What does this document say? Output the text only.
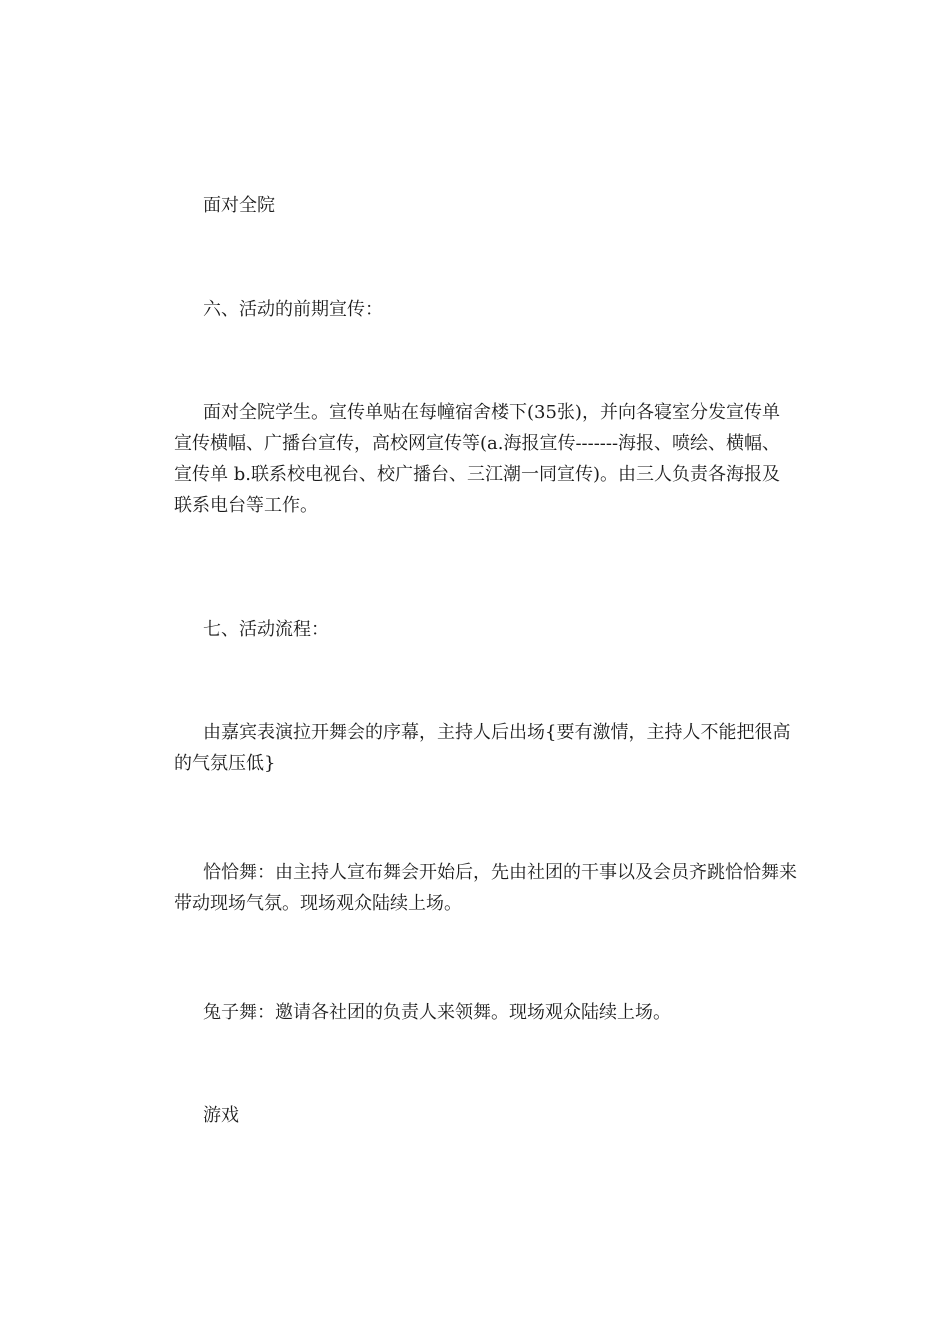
面对全院
六、活动的前期宣传：
面对全院学生。宣传单贴在每幢宿舍楼下(35张)，并向各寝室分发宣传单
宣传横幅、广播台宣传，高校网宣传等(a.海报宣传-------海报、喷绘、横幅、
宣传单 b.联系校电视台、校广播台、三江潮一同宣传)。由三人负责各海报及
联系电台等工作。
七、活动流程：
由嘉宾表演拉开舞会的序幕，主持人后出场{要有激情，主持人不能把很高
的气氛压低}
恰恰舞：由主持人宣布舞会开始后，先由社团的干事以及会员齐跳恰恰舞来
带动现场气氛。现场观众陆续上场。
兔子舞：邀请各社团的负责人来领舞。现场观众陆续上场。
游戏
